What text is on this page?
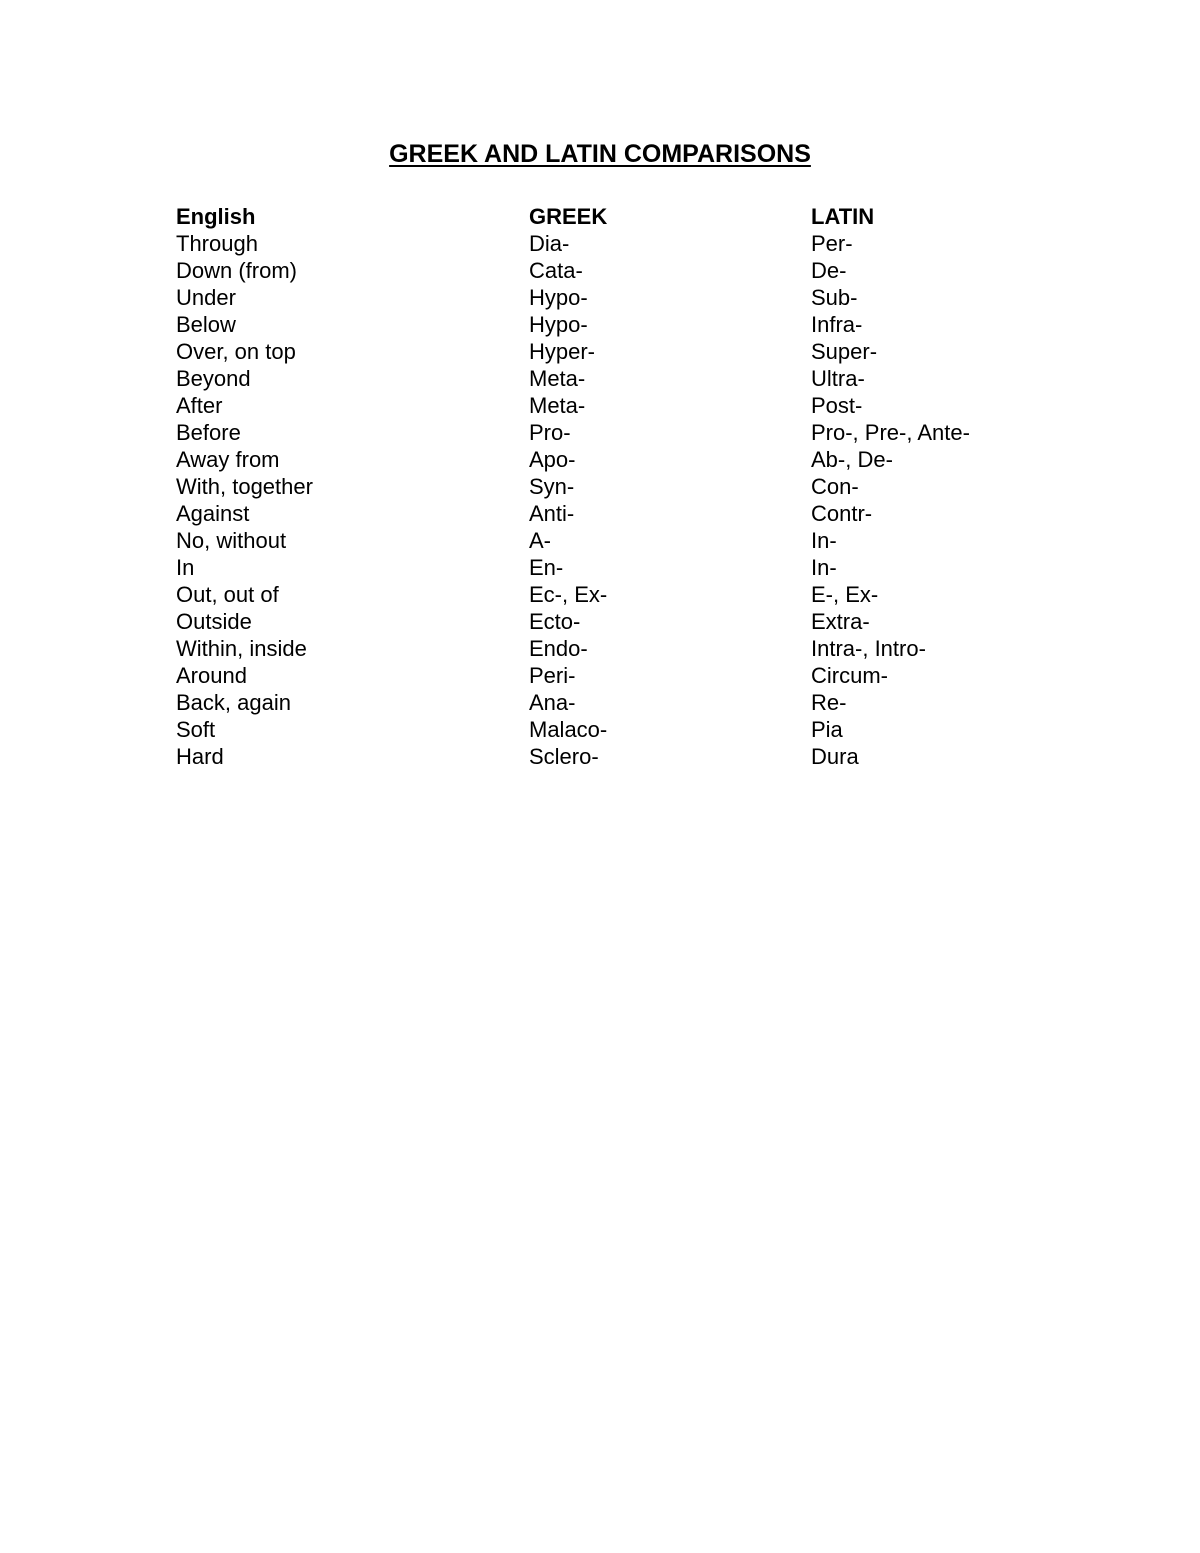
GREEK AND LATIN COMPARISONS
English	GREEK	LATIN
Through	Dia-	Per-
Down (from)	Cata-	De-
Under	Hypo-	Sub-
Below	Hypo-	Infra-
Over, on top	Hyper-	Super-
Beyond	Meta-	Ultra-
After	Meta-	Post-
Before	Pro-	Pro-, Pre-, Ante-
Away from	Apo-	Ab-, De-
With, together	Syn-	Con-
Against	Anti-	Contr-
No, without	A-	In-
In	En-	In-
Out, out of	Ec-, Ex-	E-, Ex-
Outside	Ecto-	Extra-
Within, inside	Endo-	Intra-, Intro-
Around	Peri-	Circum-
Back, again	Ana-	Re-
Soft	Malaco-	Pia
Hard	Sclero-	Dura
